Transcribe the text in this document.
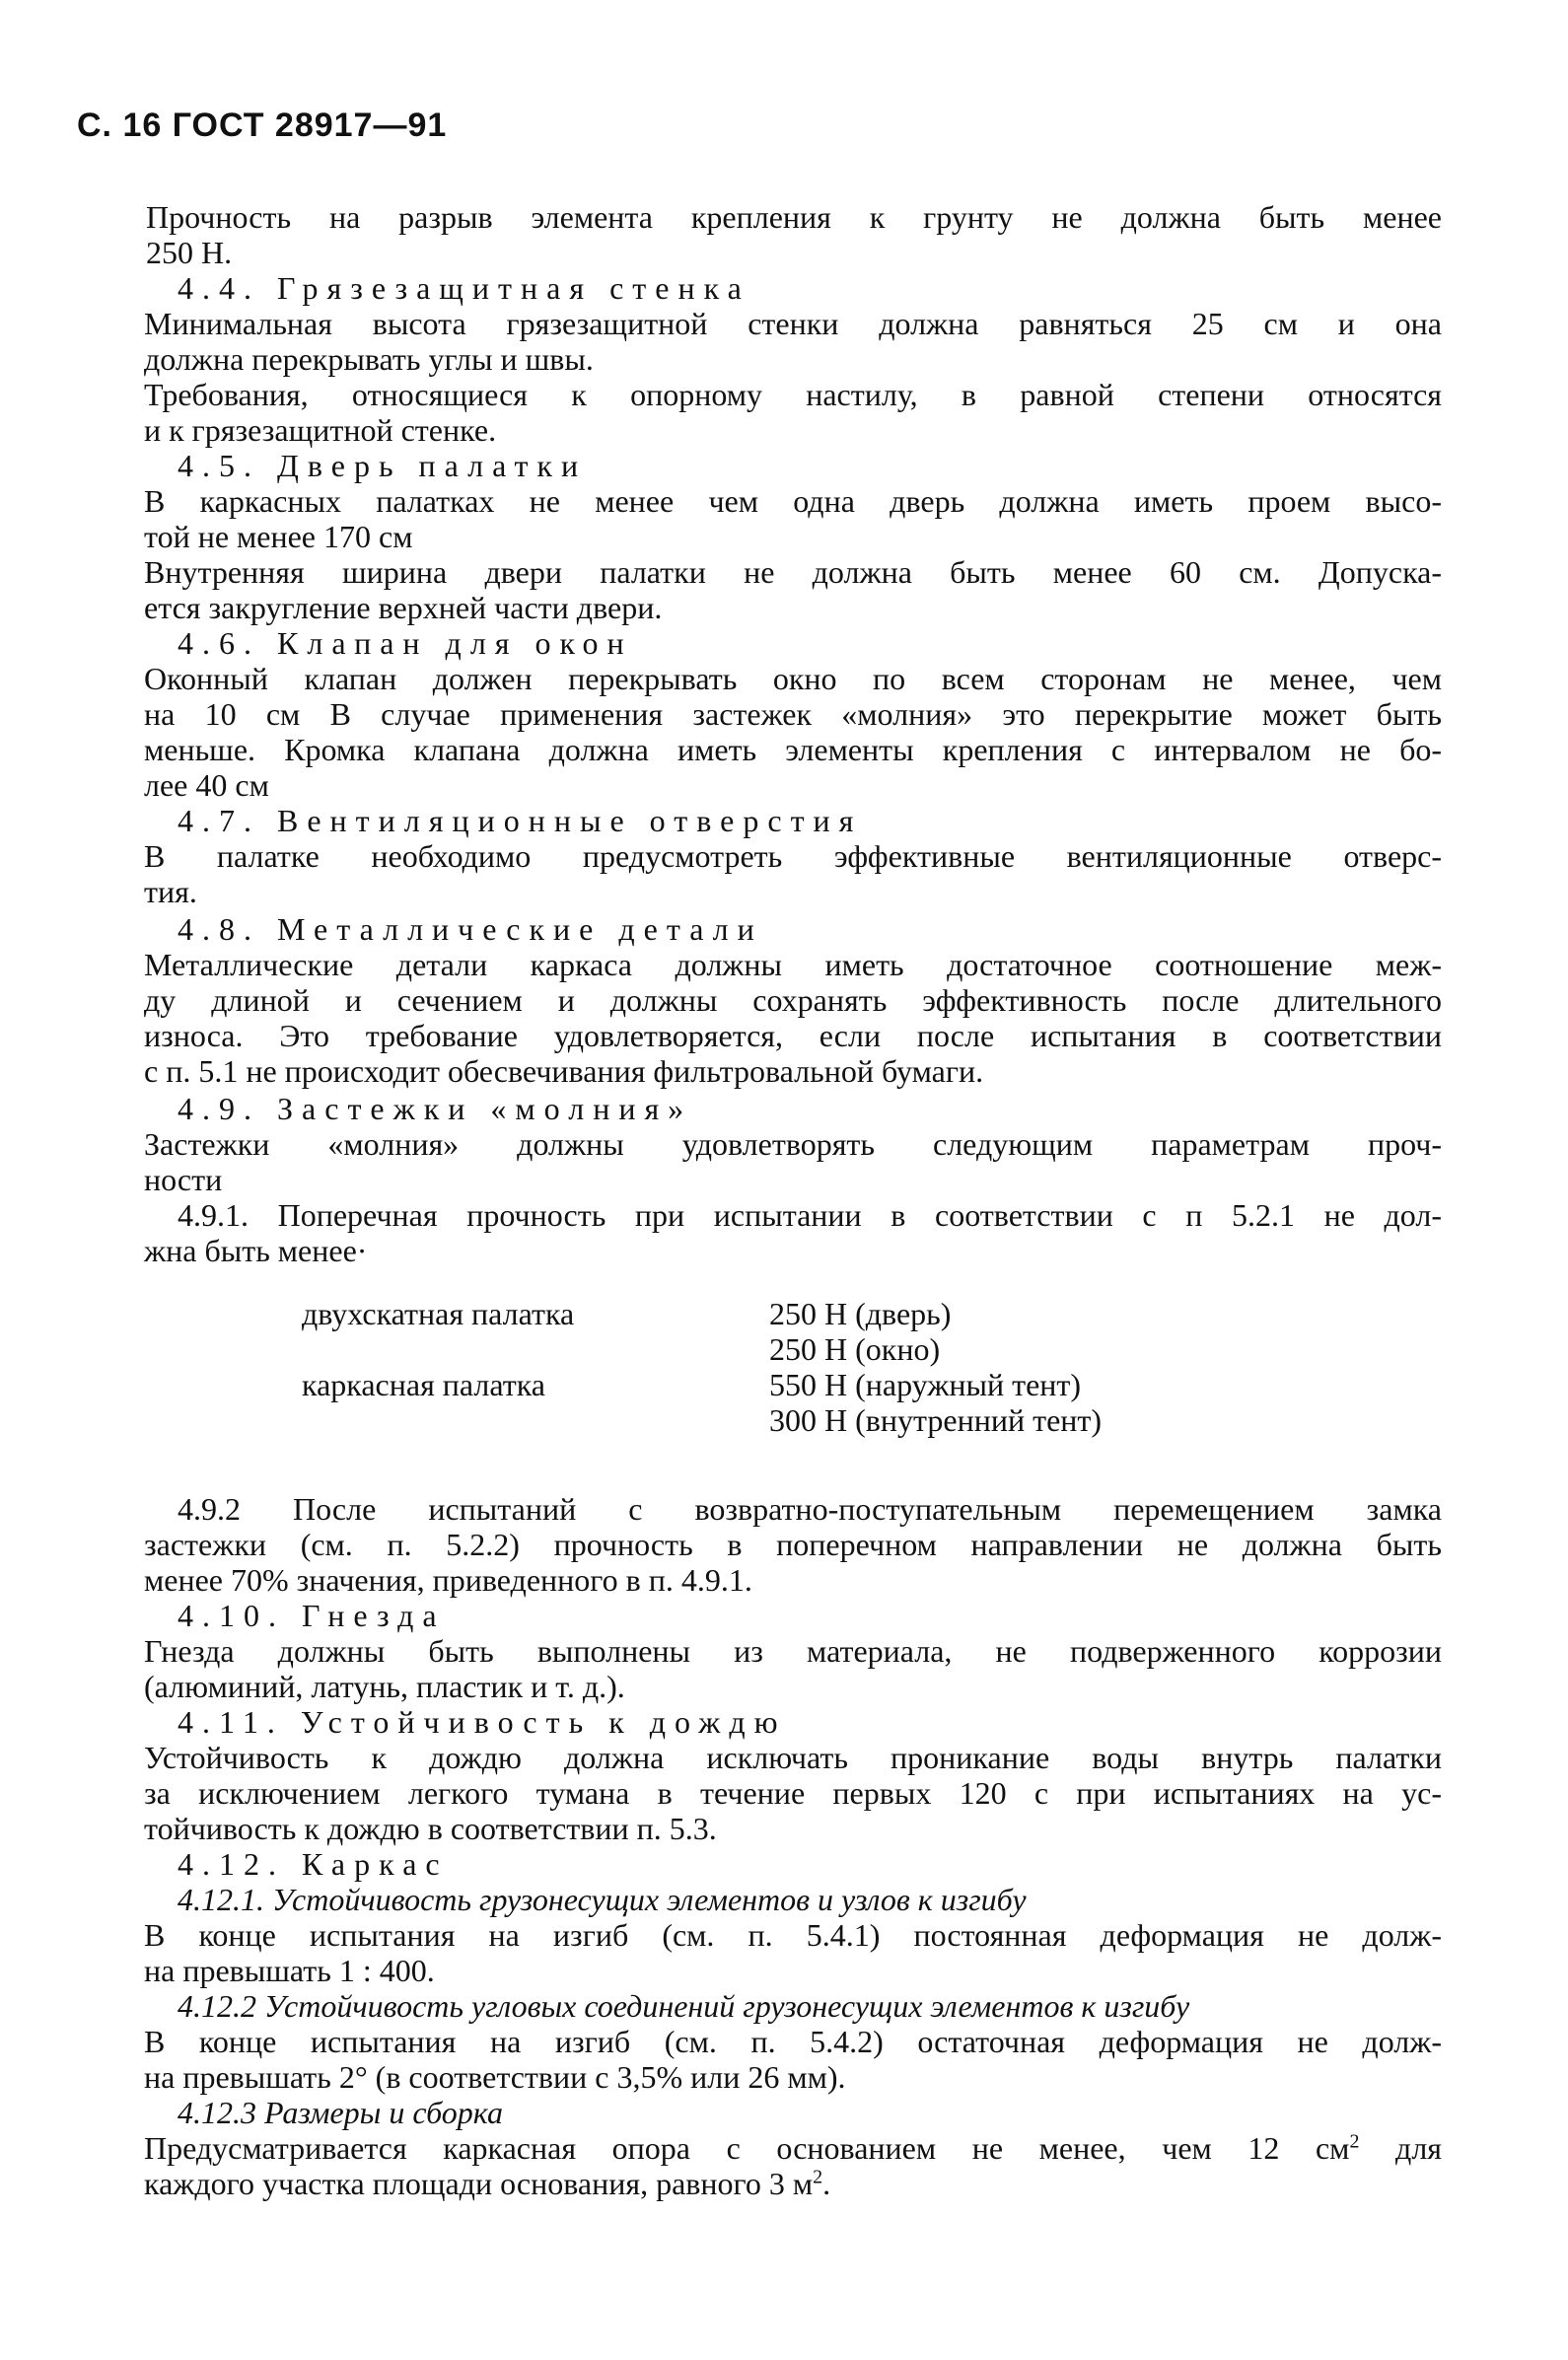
С. 16 ГОСТ 28917—91
Прочность на разрыв элемента крепления к грунту не должна быть менее
250 Н.
4.4. Грязезащитная стенка
Минимальная высота грязезащитной стенки должна равняться 25 см и она
должна перекрывать углы и швы.
Требования, относящиеся к опорному настилу, в равной степени относятся
и к грязезащитной стенке.
4.5. Дверь палатки
В каркасных палатках не менее чем одна дверь должна иметь проем высо-
той не менее 170 см
Внутренняя ширина двери палатки не должна быть менее 60 см. Допуска-
ется закругление верхней части двери.
4.6. Клапан для окон
Оконный клапан должен перекрывать окно по всем сторонам не менее, чем
на 10 см В случае применения застежек «молния» это перекрытие может быть
меньше. Кромка клапана должна иметь элементы крепления с интервалом не бо-
лее 40 см
4.7. Вентиляционные отверстия
В палатке необходимо предусмотреть эффективные вентиляционные отверс-
тия.
4.8. Металлические детали
Металлические детали каркаса должны иметь достаточное соотношение меж-
ду длиной и сечением и должны сохранять эффективность после длительного
износа. Это требование удовлетворяется, если после испытания в соответствии
с п. 5.1 не происходит обесвечивания фильтровальной бумаги.
4.9. Застежки «молния»
Застежки «молния» должны удовлетворять следующим параметрам проч-
ности
4.9.1. Поперечная прочность при испытании в соответствии с п 5.2.1 не дол-
жна быть менее·
двухскатная палатка	250 Н (дверь)
	250 Н (окно)
каркасная палатка	550 Н (наружный тент)
	300 Н (внутренний тент)
4.9.2 После испытаний с возвратно-поступательным перемещением замка
застежки (см. п. 5.2.2) прочность в поперечном направлении не должна быть
менее 70% значения, приведенного в п. 4.9.1.
4.10. Гнезда
Гнезда должны быть выполнены из материала, не подверженного коррозии
(алюминий, латунь, пластик и т. д.).
4.11. Устойчивость к дождю
Устойчивость к дождю должна исключать проникание воды внутрь палатки
за исключением легкого тумана в течение первых 120 с при испытаниях на ус-
тойчивость к дождю в соответствии п. 5.3.
4.12. Каркас
4.12.1. Устойчивость грузонесущих элементов и узлов к изгибу
В конце испытания на изгиб (см. п. 5.4.1) постоянная деформация не долж-
на превышать 1 : 400.
4.12.2 Устойчивость угловых соединений грузонесущих элементов к изгибу
В конце испытания на изгиб (см. п. 5.4.2) остаточная деформация не долж-
на превышать 2° (в соответствии с 3,5% или 26 мм).
4.12.3 Размеры и сборка
Предусматривается каркасная опора с основанием не менее, чем 12 $см^2$ для
каждого участка площади основания, равного 3 $м^2$.
